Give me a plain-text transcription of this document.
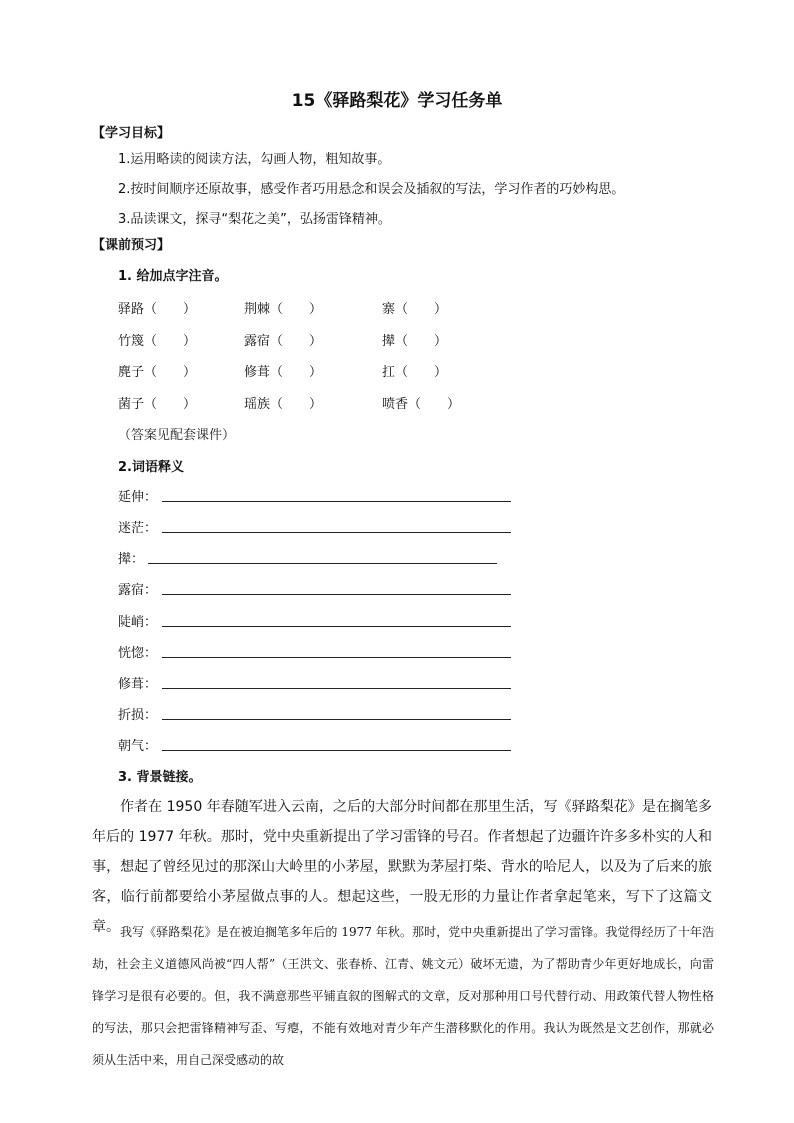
15《驿路梨花》学习任务单
【学习目标】
1.运用略读的阅读方法，勾画人物，粗知故事。
2.按时间顺序还原故事，感受作者巧用悬念和误会及插叙的写法，学习作者的巧妙构思。
3.品读课文，探寻“梨花之美”，弘扬雷锋精神。
【课前预习】
1. 给加点字注音。
驿路（　　）	荆棘（　　）	寨（　　）
竹篾（　　）	露宿（　　）	撵（　　）
麂子（　　）	修葺（　　）	扛（　　）
菌子（　　）	瑶族（　　）	喷香（　　）
（答案见配套课件）
2.词语释义
延伸：
迷茫：
撵：
露宿：
陡峭：
恍惚：
修葺：
折损：
朝气：
3. 背景链接。
作者在 1950 年春随军进入云南，之后的大部分时间都在那里生活，写《驿路梨花》是在搁笔多年后的 1977 年秋。那时，党中央重新提出了学习雷锋的号召。作者想起了边疆许许多多朴实的人和事，想起了曾经见过的那深山大岭里的小茅屋，默默为茅屋打柴、背水的哈尼人，以及为了后来的旅客，临行前都要给小茅屋做点事的人。想起这些，一股无形的力量让作者拿起笔来，写下了这篇文章。 我写《驿路梨花》是在被迫搁笔多年后的 1977 年秋。那时，党中央重新提出了学习雷锋。我觉得经历了十年浩劫，社会主义道德风尚被“四人帮”（王洪文、张春桥、江青、姚文元）破坏无遗，为了帮助青少年更好地成长，向雷锋学习是很有必要的。但，我不满意那些平铺直叙的图解式的文章，反对那种用口号代替行动、用政策代替人物性格的写法，那只会把雷锋精神写歪、写瘪，不能有效地对青少年产生潜移默化的作用。我认为既然是文艺创作，那就必须从生活中来，用自己深受感动的故
